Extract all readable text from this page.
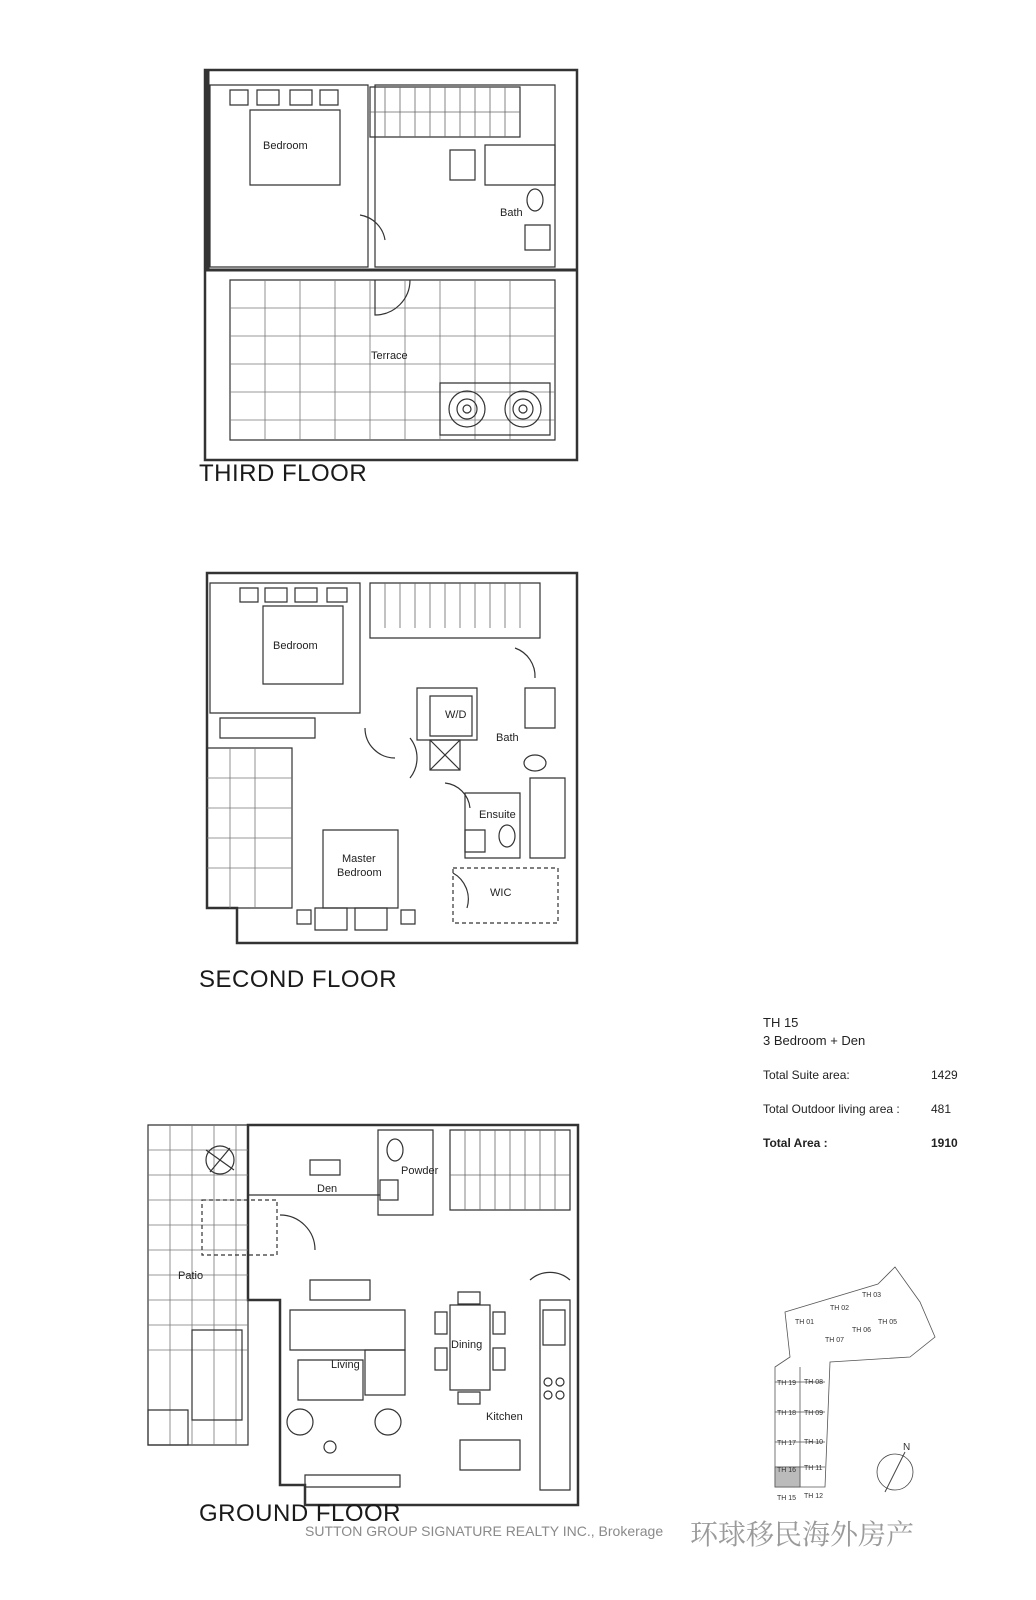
Bedroom
Bath
Terrace
THIRD FLOOR
Bedroom
W/D
Bath
Ensuite
Master
Bedroom
WIC
SECOND FLOOR
Den
Powder
Patio
Dining
Living
Kitchen
GROUND FLOOR
TH 15
3 Bedroom + Den
Total Suite area:	1429
Total Outdoor living area :	481
Total Area :	1910
TH 01
TH 02
TH 03
TH 05
TH 06
TH 07
TH 08
TH 09
TH 10
TH 11
TH 12
TH 15
TH 16
TH 17
TH 18
TH 19
N
SUTTON GROUP SIGNATURE REALTY INC., Brokerage 环球移民海外房产
